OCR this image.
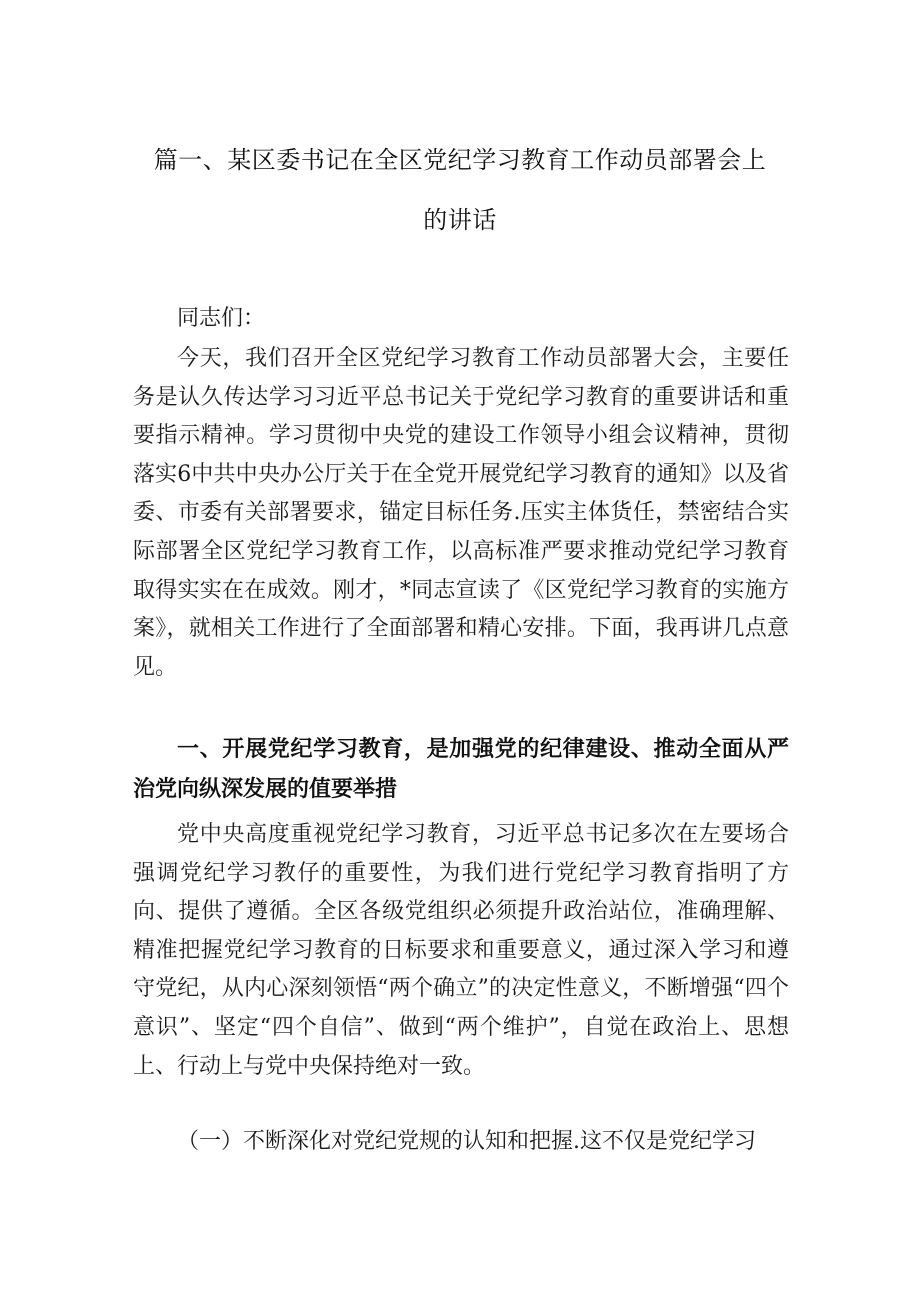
篇一、某区委书记在全区党纪学习教育工作动员部署会上
的讲话

同志们：

今天，我们召开全区党纪学习教育工作动员部署大会，主要任务是认久传达学习习近平总书记关于党纪学习教育的重要讲话和重要指示精神。学习贯彻中央党的建设工作领导小组会议精神，贯彻落实6中共中央办公厅关于在全党开展党纪学习教育的通知》以及省委、市委有关部署要求，锚定目标任务.压实主体货任，禁密结合实际部署全区党纪学习教育工作，以高标准严要求推动党纪学习教育取得实实在在成效。刚才，*同志宣读了《区党纪学习教育的实施方案》，就相关工作进行了全面部署和精心安排。下面，我再讲几点意见。

一、开展党纪学习教育，是加强党的纪律建设、推动全面从严治党向纵深发展的值要举措

党中央高度重视党纪学习教育，习近平总书记多次在左要场合强调党纪学习教仔的重要性，为我们进行党纪学习教育指明了方向、提供了遵循。全区各级党组织必须提升政治站位，准确理解、精准把握党纪学习教育的日标要求和重要意义，通过深入学习和遵守党纪，从内心深刻领悟“两个确立”的决定性意义，不断增强“四个意识”、坚定“四个自信”、做到“两个维护”，自觉在政治上、思想上、行动上与党中央保持绝对一致。

（一）不断深化对党纪党规的认知和把握.这不仅是党纪学习
